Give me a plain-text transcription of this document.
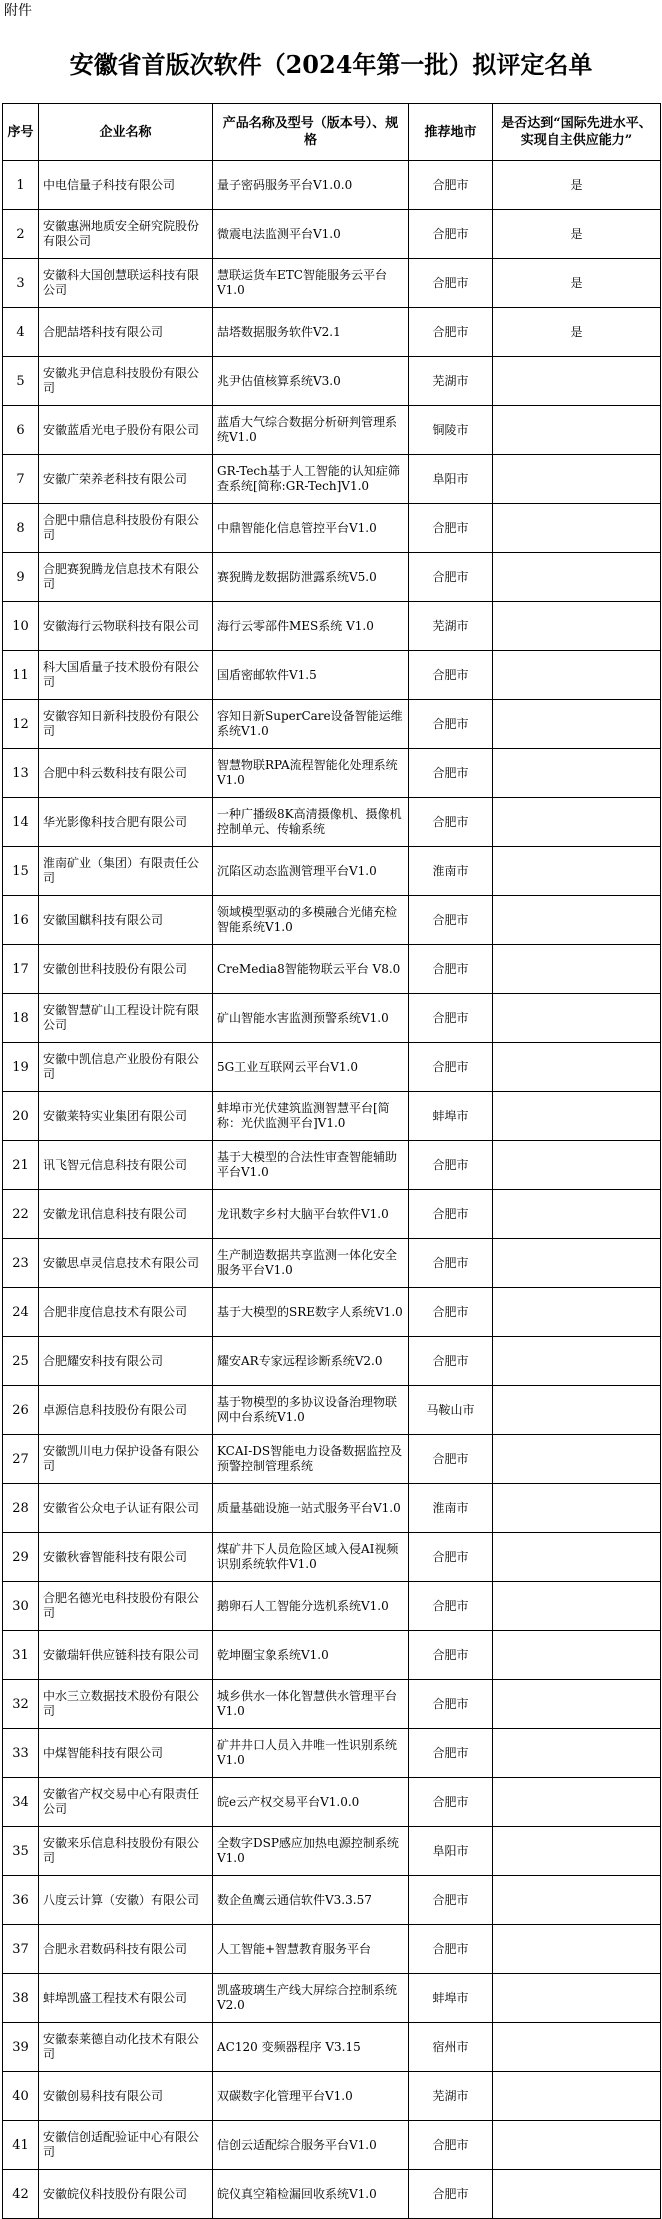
附件
安徽省首版次软件（2024年第一批）拟评定名单
序号	企业名称	产品名称及型号（版本号）、规格	推荐地市	是否达到“国际先进水平、实现自主供应能力”
1	中电信量子科技有限公司	量子密码服务平台V1.0.0	合肥市	是
2	安徽惠洲地质安全研究院股份有限公司	微震电法监测平台V1.0	合肥市	是
3	安徽科大国创慧联运科技有限公司	慧联运货车ETC智能服务云平台V1.0	合肥市	是
4	合肥喆塔科技有限公司	喆塔数据服务软件V2.1	合肥市	是
5	安徽兆尹信息科技股份有限公司	兆尹估值核算系统V3.0	芜湖市	
6	安徽蓝盾光电子股份有限公司	蓝盾大气综合数据分析研判管理系统V1.0	铜陵市	
7	安徽广荣养老科技有限公司	GR-Tech基于人工智能的认知症筛查系统[简称:GR-Tech]V1.0	阜阳市	
8	合肥中鼎信息科技股份有限公司	中鼎智能化信息管控平台V1.0	合肥市	
9	合肥赛猊腾龙信息技术有限公司	赛猊腾龙数据防泄露系统V5.0	合肥市	
10	安徽海行云物联科技有限公司	海行云零部件MES系统 V1.0	芜湖市	
11	科大国盾量子技术股份有限公司	国盾密邮软件V1.5	合肥市	
12	安徽容知日新科技股份有限公司	容知日新SuperCare设备智能运维系统V1.0	合肥市	
13	合肥中科云数科技有限公司	智慧物联RPA流程智能化处理系统V1.0	合肥市	
14	华光影像科技合肥有限公司	一种广播级8K高清摄像机、摄像机控制单元、传输系统	合肥市	
15	淮南矿业（集团）有限责任公司	沉陷区动态监测管理平台V1.0	淮南市	
16	安徽国麒科技有限公司	领域模型驱动的多模融合光储充检智能系统V1.0	合肥市	
17	安徽创世科技股份有限公司	CreMedia8智能物联云平台 V8.0	合肥市	
18	安徽智慧矿山工程设计院有限公司	矿山智能水害监测预警系统V1.0	合肥市	
19	安徽中凯信息产业股份有限公司	5G工业互联网云平台V1.0	合肥市	
20	安徽莱特实业集团有限公司	蚌埠市光伏建筑监测智慧平台[简称：光伏监测平台]V1.0	蚌埠市	
21	讯飞智元信息科技有限公司	基于大模型的合法性审查智能辅助平台V1.0	合肥市	
22	安徽龙讯信息科技有限公司	龙讯数字乡村大脑平台软件V1.0	合肥市	
23	安徽思卓灵信息技术有限公司	生产制造数据共享监测一体化安全服务平台V1.0	合肥市	
24	合肥非度信息技术有限公司	基于大模型的SRE数字人系统V1.0	合肥市	
25	合肥耀安科技有限公司	耀安AR专家远程诊断系统V2.0	合肥市	
26	卓源信息科技股份有限公司	基于物模型的多协议设备治理物联网中台系统V1.0	马鞍山市	
27	安徽凯川电力保护设备有限公司	KCAI-DS智能电力设备数据监控及预警控制管理系统	合肥市	
28	安徽省公众电子认证有限公司	质量基础设施一站式服务平台V1.0	淮南市	
29	安徽秋睿智能科技有限公司	煤矿井下人员危险区域入侵AI视频识别系统软件V1.0	合肥市	
30	合肥名德光电科技股份有限公司	鹅卵石人工智能分选机系统V1.0	合肥市	
31	安徽瑞轩供应链科技有限公司	乾坤圈宝象系统V1.0	合肥市	
32	中水三立数据技术股份有限公司	城乡供水一体化智慧供水管理平台V1.0	合肥市	
33	中煤智能科技有限公司	矿井井口人员入井唯一性识别系统V1.0	合肥市	
34	安徽省产权交易中心有限责任公司	皖e云产权交易平台V1.0.0	合肥市	
35	安徽来乐信息科技股份有限公司	全数字DSP感应加热电源控制系统V1.0	阜阳市	
36	八度云计算（安徽）有限公司	数企鱼鹰云通信软件V3.3.57	合肥市	
37	合肥永君数码科技有限公司	人工智能+智慧教育服务平台	合肥市	
38	蚌埠凯盛工程技术有限公司	凯盛玻璃生产线大屏综合控制系统V2.0	蚌埠市	
39	安徽泰莱德自动化技术有限公司	AC120 变频器程序 V3.15	宿州市	
40	安徽创易科技有限公司	双碳数字化管理平台V1.0	芜湖市	
41	安徽信创适配验证中心有限公司	信创云适配综合服务平台V1.0	合肥市	
42	安徽皖仪科技股份有限公司	皖仪真空箱检漏回收系统V1.0	合肥市	
